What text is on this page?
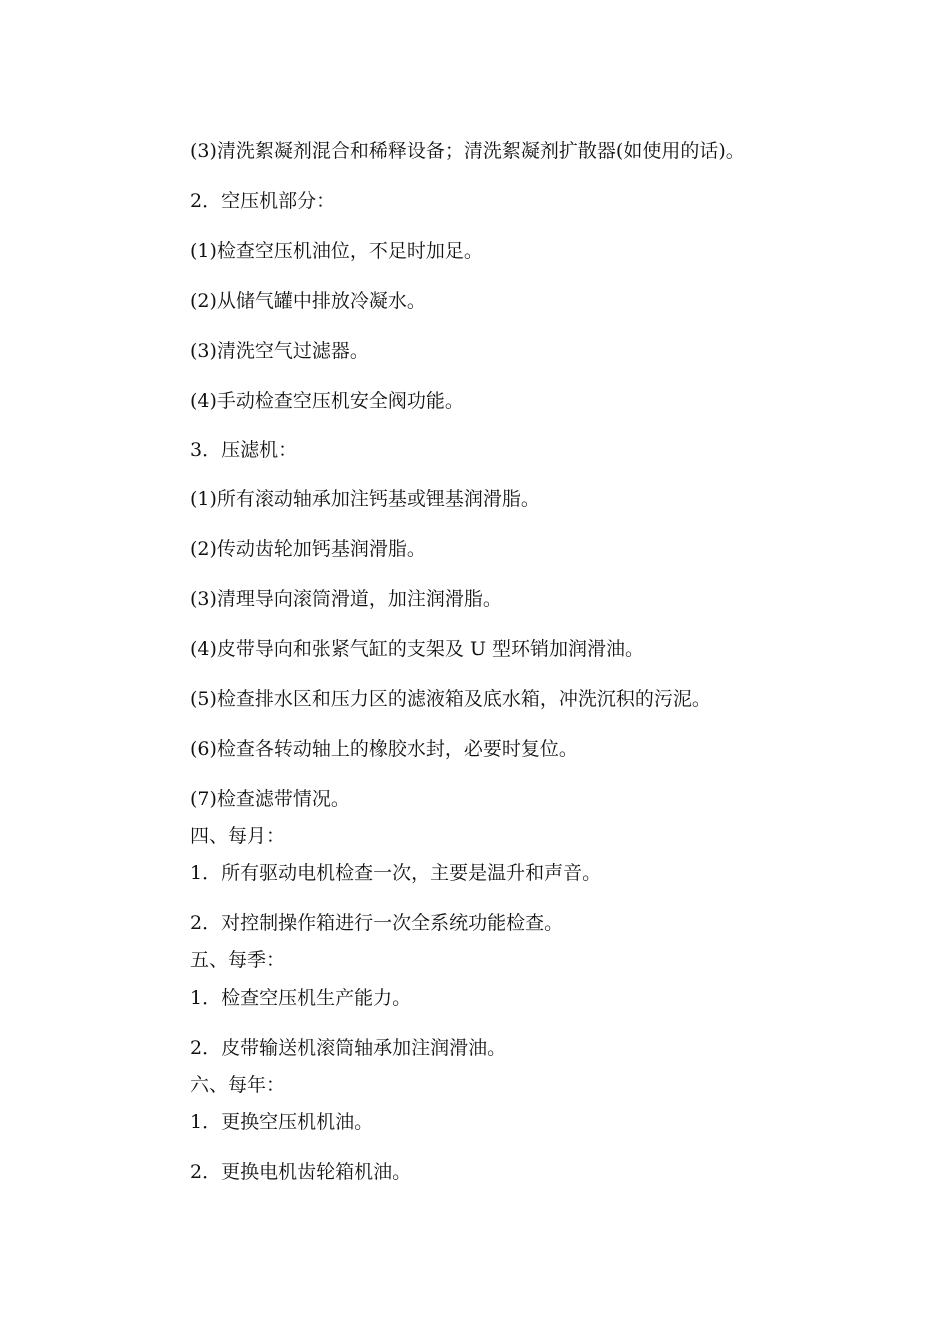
(3)清洗絮凝剂混合和稀释设备；清洗絮凝剂扩散器(如使用的话)。

2．空压机部分：

(1)检查空压机油位，不足时加足。

(2)从储气罐中排放冷凝水。

(3)清洗空气过滤器。

(4)手动检查空压机安全阀功能。

3．压滤机：

(1)所有滚动轴承加注钙基或锂基润滑脂。

(2)传动齿轮加钙基润滑脂。

(3)清理导向滚筒滑道，加注润滑脂。

(4)皮带导向和张紧气缸的支架及 U 型环销加润滑油。

(5)检查排水区和压力区的滤液箱及底水箱，冲洗沉积的污泥。

(6)检查各转动轴上的橡胶水封，必要时复位。

(7)检查滤带情况。

四、每月：

1．所有驱动电机检查一次，主要是温升和声音。

2．对控制操作箱进行一次全系统功能检查。

五、每季：

1．检查空压机生产能力。

2．皮带输送机滚筒轴承加注润滑油。

六、每年：

1．更换空压机机油。

2．更换电机齿轮箱机油。
